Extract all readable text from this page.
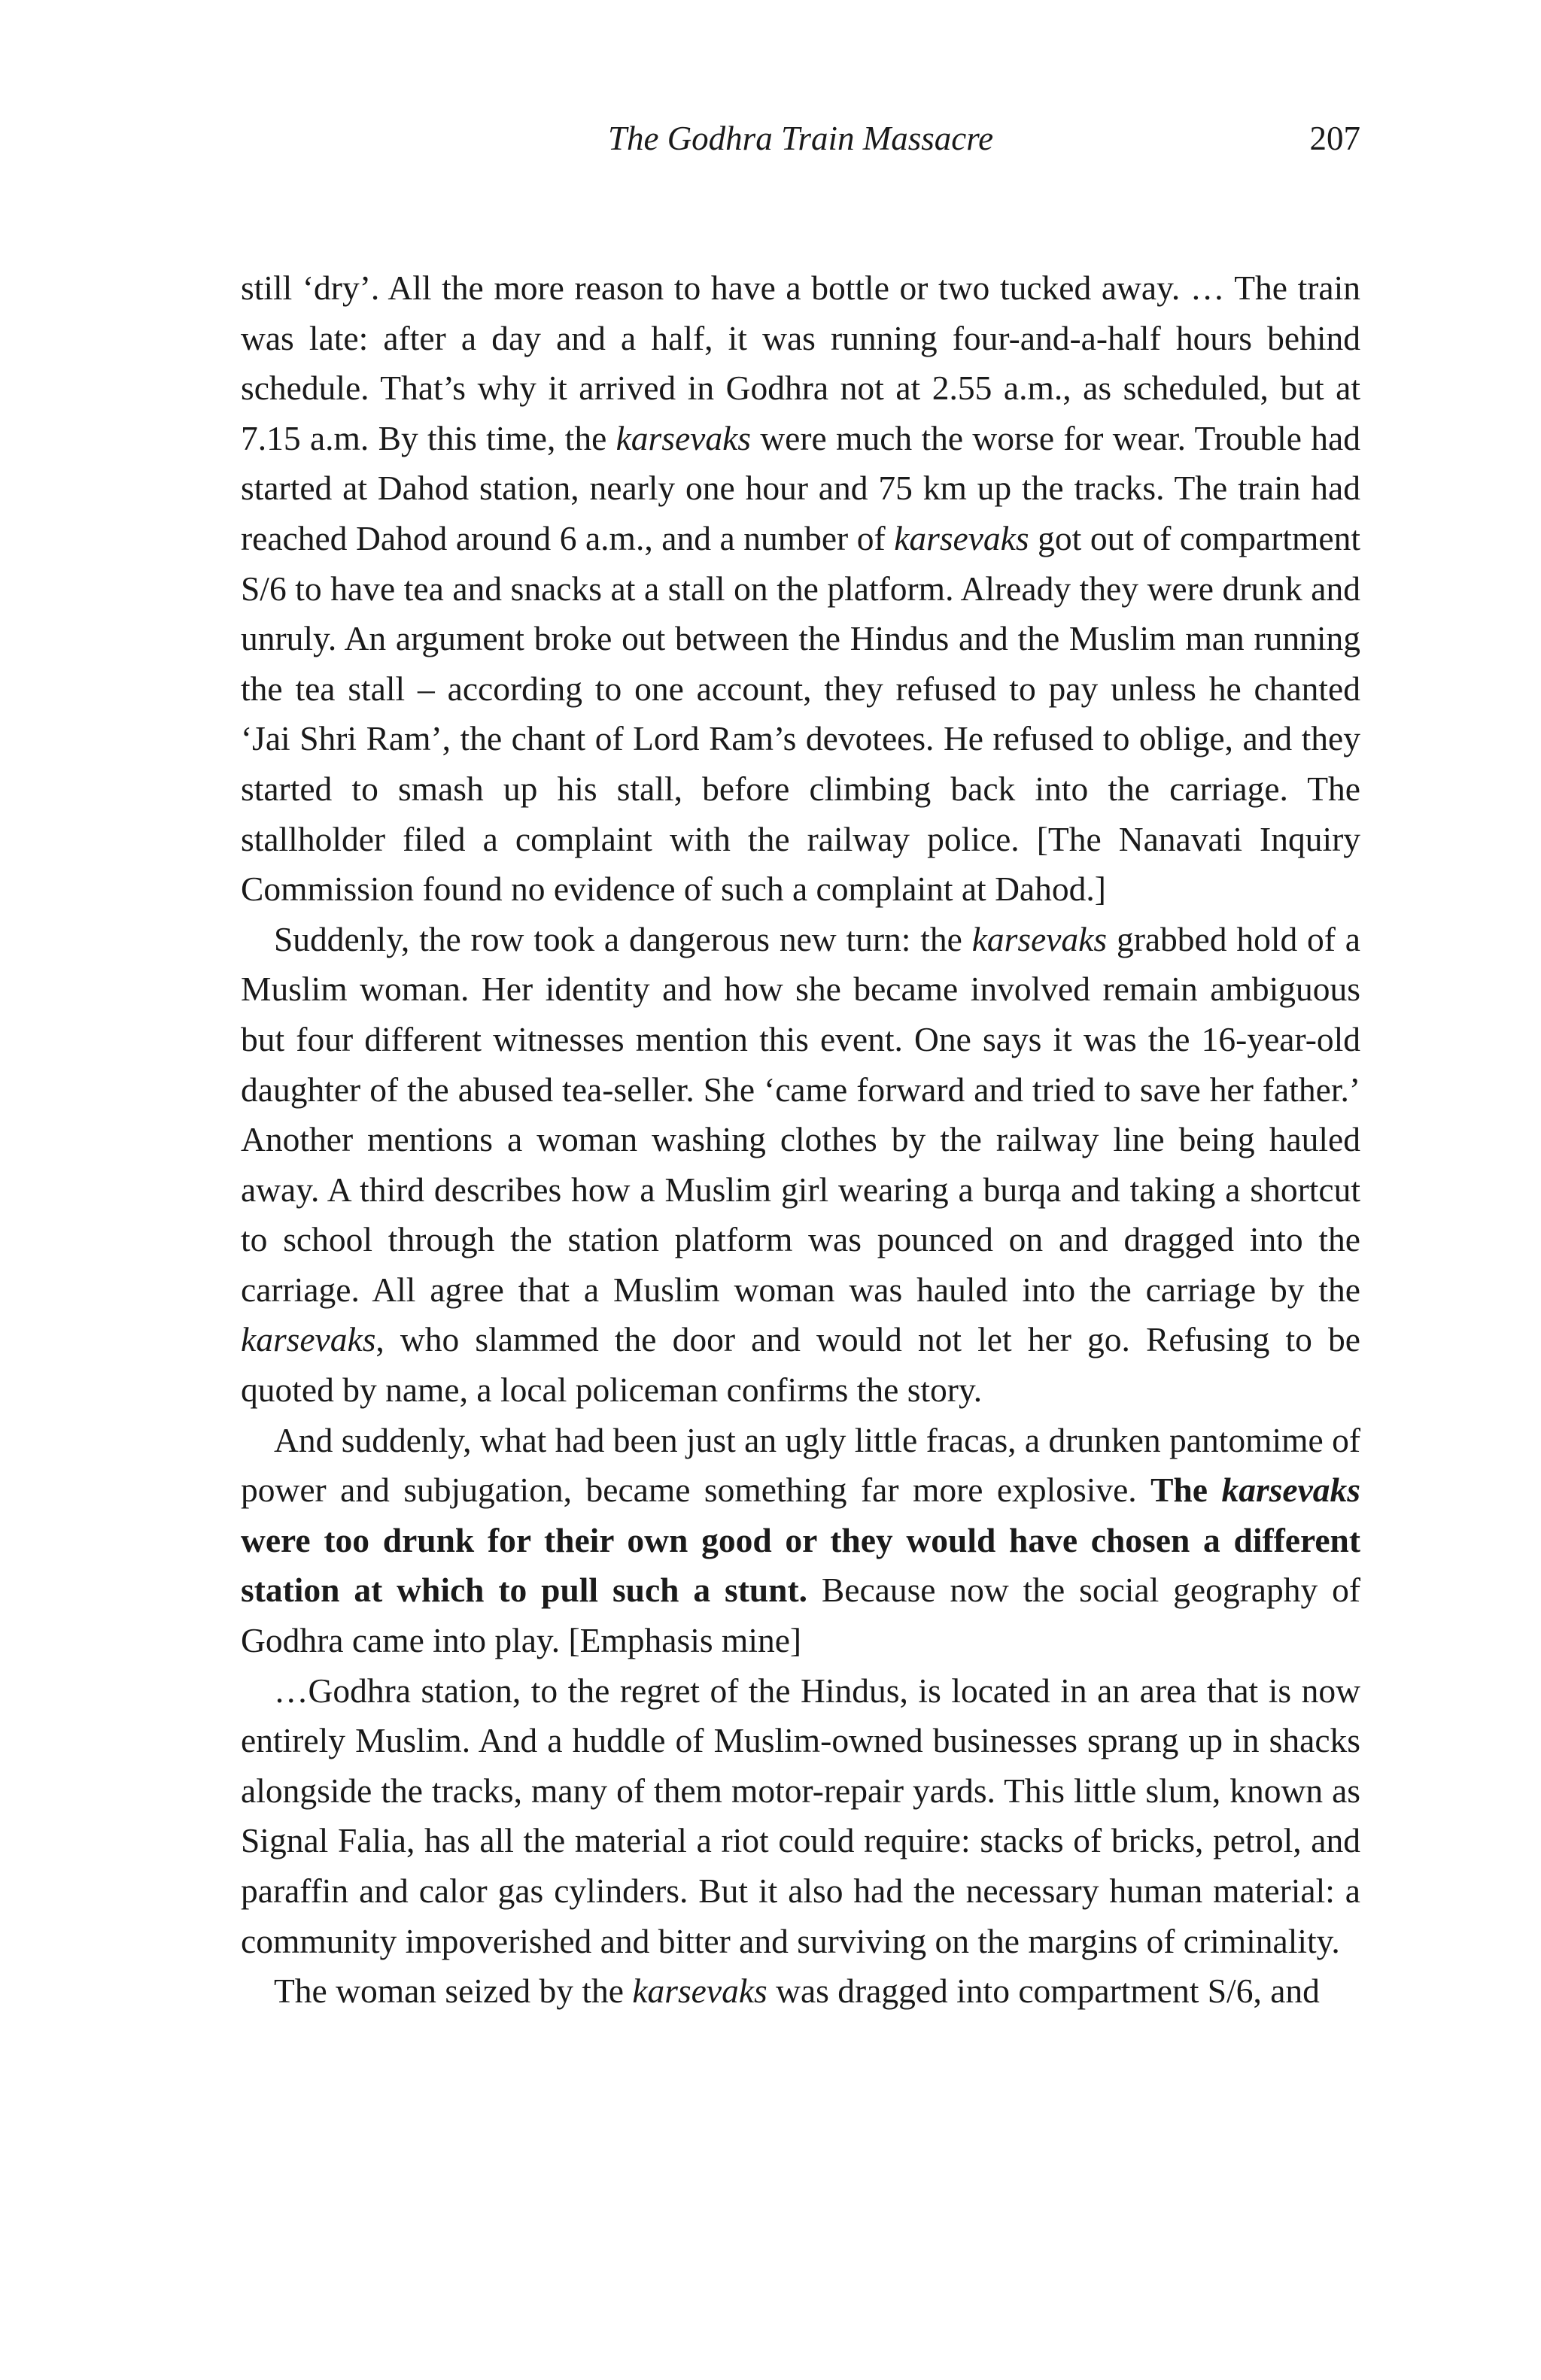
The Godhra Train Massacre	207

still ‘dry’. All the more reason to have a bottle or two tucked away. … The train was late: after a day and a half, it was running four-and-a-half hours behind schedule. That’s why it arrived in Godhra not at 2.55 a.m., as scheduled, but at 7.15 a.m. By this time, the karsevaks were much the worse for wear. Trouble had started at Dahod station, nearly one hour and 75 km up the tracks. The train had reached Dahod around 6 a.m., and a number of karsevaks got out of compartment S/6 to have tea and snacks at a stall on the platform. Already they were drunk and unruly. An argument broke out between the Hindus and the Muslim man running the tea stall – according to one account, they refused to pay unless he chanted ‘Jai Shri Ram’, the chant of Lord Ram’s devotees. He refused to oblige, and they started to smash up his stall, before climbing back into the carriage. The stallholder filed a complaint with the railway police. [The Nanavati Inquiry Commission found no evidence of such a complaint at Dahod.]

Suddenly, the row took a dangerous new turn: the karsevaks grabbed hold of a Muslim woman. Her identity and how she became involved remain ambiguous but four different witnesses mention this event. One says it was the 16-year-old daughter of the abused tea-seller. She ‘came forward and tried to save her father.’ Another mentions a woman washing clothes by the railway line being hauled away. A third describes how a Muslim girl wearing a burqa and taking a shortcut to school through the station platform was pounced on and dragged into the carriage. All agree that a Muslim woman was hauled into the carriage by the karsevaks, who slammed the door and would not let her go. Refusing to be quoted by name, a local policeman confirms the story.

And suddenly, what had been just an ugly little fracas, a drunken pantomime of power and subjugation, became something far more explosive. The karsevaks were too drunk for their own good or they would have chosen a different station at which to pull such a stunt. Because now the social geography of Godhra came into play. [Emphasis mine]

…Godhra station, to the regret of the Hindus, is located in an area that is now entirely Muslim. And a huddle of Muslim-owned businesses sprang up in shacks alongside the tracks, many of them motor-repair yards. This little slum, known as Signal Falia, has all the material a riot could require: stacks of bricks, petrol, and paraffin and calor gas cylinders. But it also had the necessary human material: a community impoverished and bitter and surviving on the margins of criminality.

The woman seized by the karsevaks was dragged into compartment S/6, and
